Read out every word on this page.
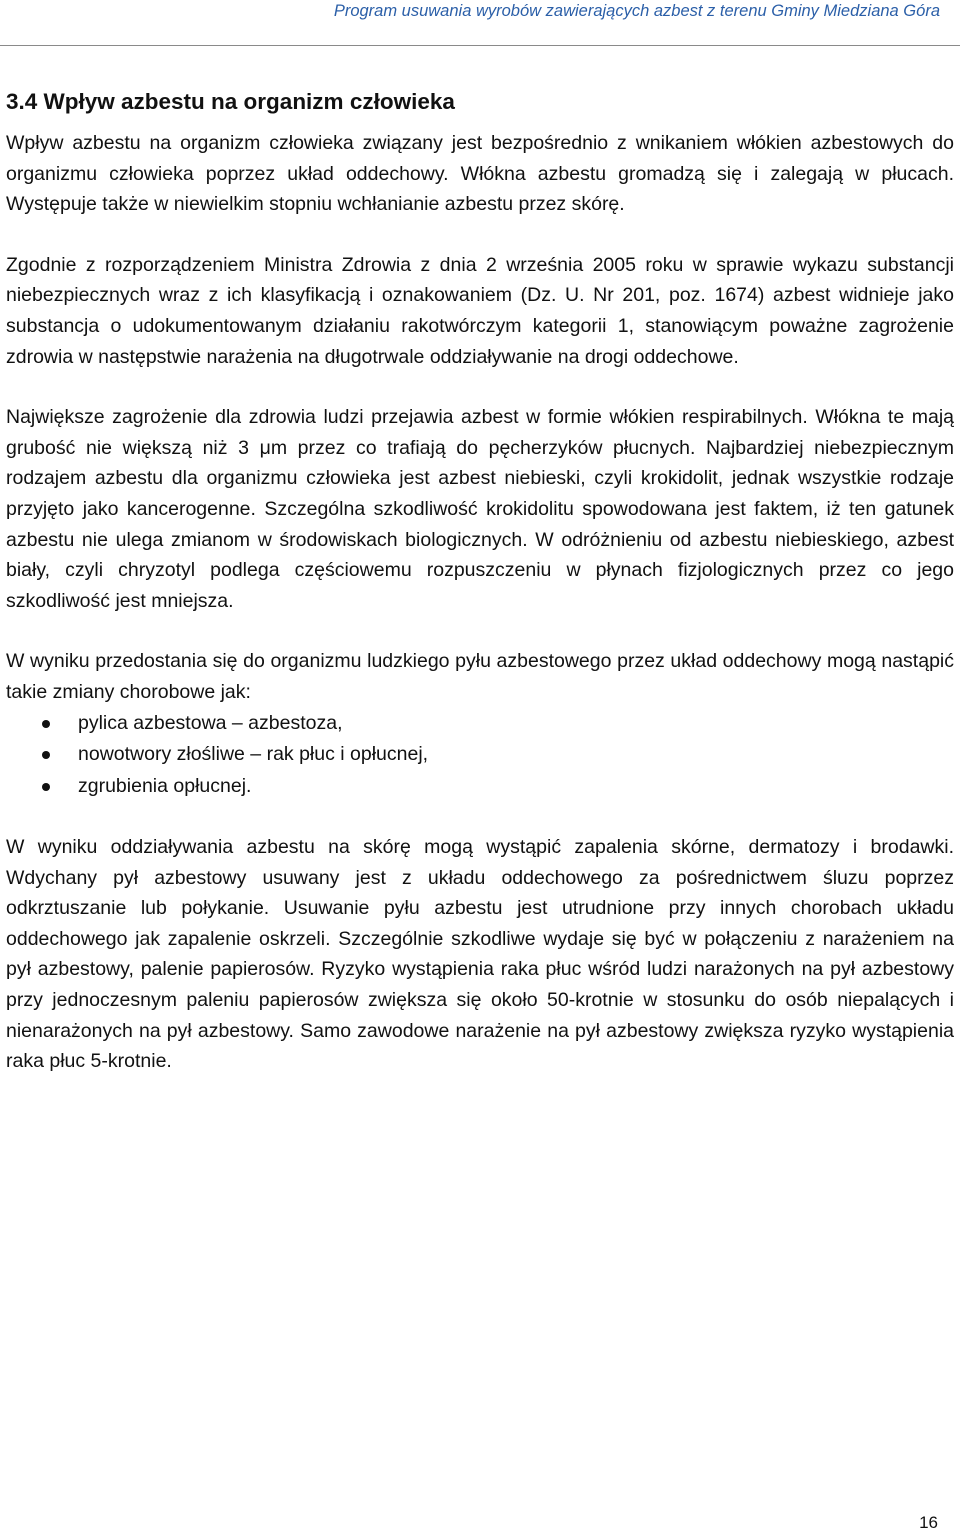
Program usuwania wyrobów zawierających azbest z terenu Gminy Miedziana Góra
3.4 Wpływ azbestu na organizm człowieka

Wpływ azbestu na organizm człowieka związany jest bezpośrednio z wnikaniem włókien azbestowych do organizmu człowieka poprzez układ oddechowy. Włókna azbestu gromadzą się i zalegają w płucach. Występuje także w niewielkim stopniu wchłanianie azbestu przez skórę.

Zgodnie z rozporządzeniem Ministra Zdrowia z dnia 2 września 2005 roku w sprawie wykazu substancji niebezpiecznych wraz z ich klasyfikacją i oznakowaniem (Dz. U. Nr 201, poz. 1674) azbest widnieje jako substancja o udokumentowanym działaniu rakotwórczym kategorii 1, stanowiącym poważne zagrożenie zdrowia w następstwie narażenia na długotrwale oddziaływanie na drogi oddechowe.

Największe zagrożenie dla zdrowia ludzi przejawia azbest w formie włókien respirabilnych. Włókna te mają grubość nie większą niż 3 μm przez co trafiają do pęcherzyków płucnych. Najbardziej niebezpiecznym rodzajem azbestu dla organizmu człowieka jest azbest niebieski, czyli krokidolit, jednak wszystkie rodzaje przyjęto jako kancerogenne. Szczególna szkodliwość krokidolitu spowodowana jest faktem, iż ten gatunek azbestu nie ulega zmianom w środowiskach biologicznych. W odróżnieniu od azbestu niebieskiego, azbest biały, czyli chryzotyl podlega częściowemu rozpuszczeniu w płynach fizjologicznych przez co jego szkodliwość jest mniejsza.

W wyniku przedostania się do organizmu ludzkiego pyłu azbestowego przez układ oddechowy mogą nastąpić takie zmiany chorobowe jak:

pylica azbestowa – azbestoza,
nowotwory złośliwe – rak płuc i opłucnej,
zgrubienia opłucnej.

W wyniku oddziaływania azbestu na skórę mogą wystąpić zapalenia skórne, dermatozy i brodawki. Wdychany pył azbestowy usuwany jest z układu oddechowego za pośrednictwem śluzu poprzez odkrztuszanie lub połykanie. Usuwanie pyłu azbestu jest utrudnione przy innych chorobach układu oddechowego jak zapalenie oskrzeli. Szczególnie szkodliwe wydaje się być w połączeniu z narażeniem na pył azbestowy, palenie papierosów. Ryzyko wystąpienia raka płuc wśród ludzi narażonych na pył azbestowy przy jednoczesnym paleniu papierosów zwiększa się około 50-krotnie w stosunku do osób niepalących i nienarażonych na pył azbestowy. Samo zawodowe narażenie na pył azbestowy zwiększa ryzyko wystąpienia raka płuc 5-krotnie.

16
